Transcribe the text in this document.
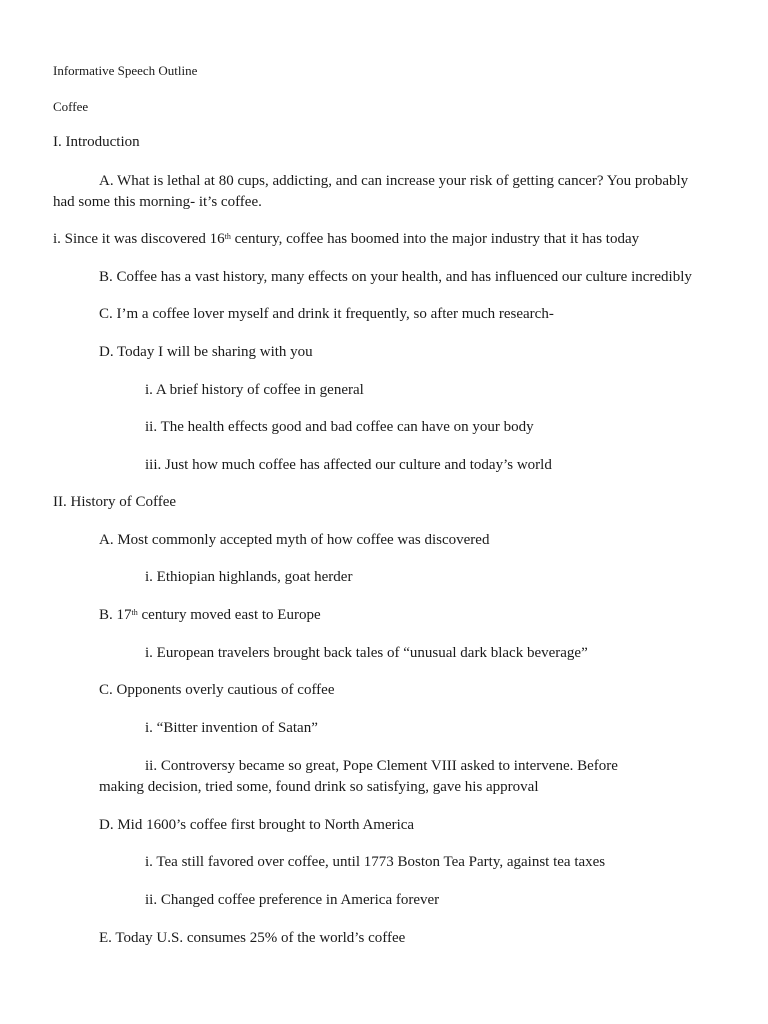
Informative Speech Outline
Coffee
I. Introduction
A. What is lethal at 80 cups, addicting, and can increase your risk of getting cancer? You probably
had some this morning- it’s coffee.
i. Since it was discovered 16th century, coffee has boomed into the major industry that it has today
B. Coffee has a vast history, many effects on your health, and has influenced our culture incredibly
C. I’m a coffee lover myself and drink it frequently, so after much research-
D. Today I will be sharing with you
i. A brief history of coffee in general
ii. The health effects good and bad coffee can have on your body
iii. Just how much coffee has affected our culture and today’s world
II. History of Coffee
A. Most commonly accepted myth of how coffee was discovered
i. Ethiopian highlands, goat herder
B. 17th century moved east to Europe
i. European travelers brought back tales of “unusual dark black beverage”
C. Opponents overly cautious of coffee
i. “Bitter invention of Satan”
ii. Controversy became so great, Pope Clement VIII asked to intervene. Before
making decision, tried some, found drink so satisfying, gave his approval
D. Mid 1600’s coffee first brought to North America
i. Tea still favored over coffee, until 1773 Boston Tea Party, against tea taxes
ii. Changed coffee preference in America forever
E. Today U.S. consumes 25% of the world’s coffee
